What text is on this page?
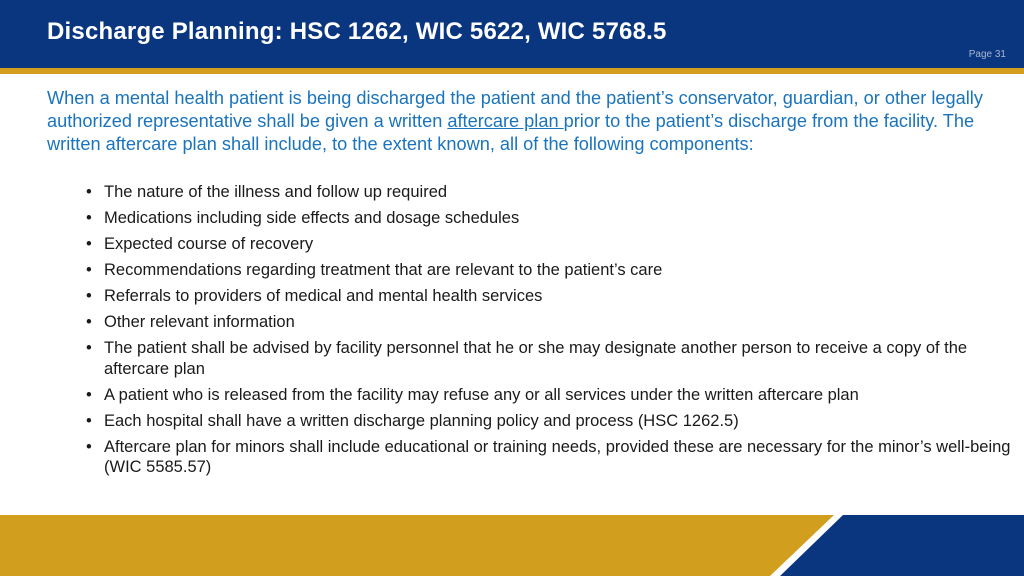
Discharge Planning: HSC 1262, WIC 5622, WIC 5768.5
Page 31

When a mental health patient is being discharged the patient and the patient’s conservator, guardian, or other legally authorized representative shall be given a written aftercare plan prior to the patient’s discharge from the facility. The written aftercare plan shall include, to the extent known, all of the following components:

• The nature of the illness and follow up required
• Medications including side effects and dosage schedules
• Expected course of recovery
• Recommendations regarding treatment that are relevant to the patient’s care
• Referrals to providers of medical and mental health services
• Other relevant information
• The patient shall be advised by facility personnel that he or she may designate another person to receive a copy of the aftercare plan
• A patient who is released from the facility may refuse any or all services under the written aftercare plan
• Each hospital shall have a written discharge planning policy and process (HSC 1262.5)
• Aftercare plan for minors shall include educational or training needs, provided these are necessary for the minor’s well-being (WIC 5585.57)
